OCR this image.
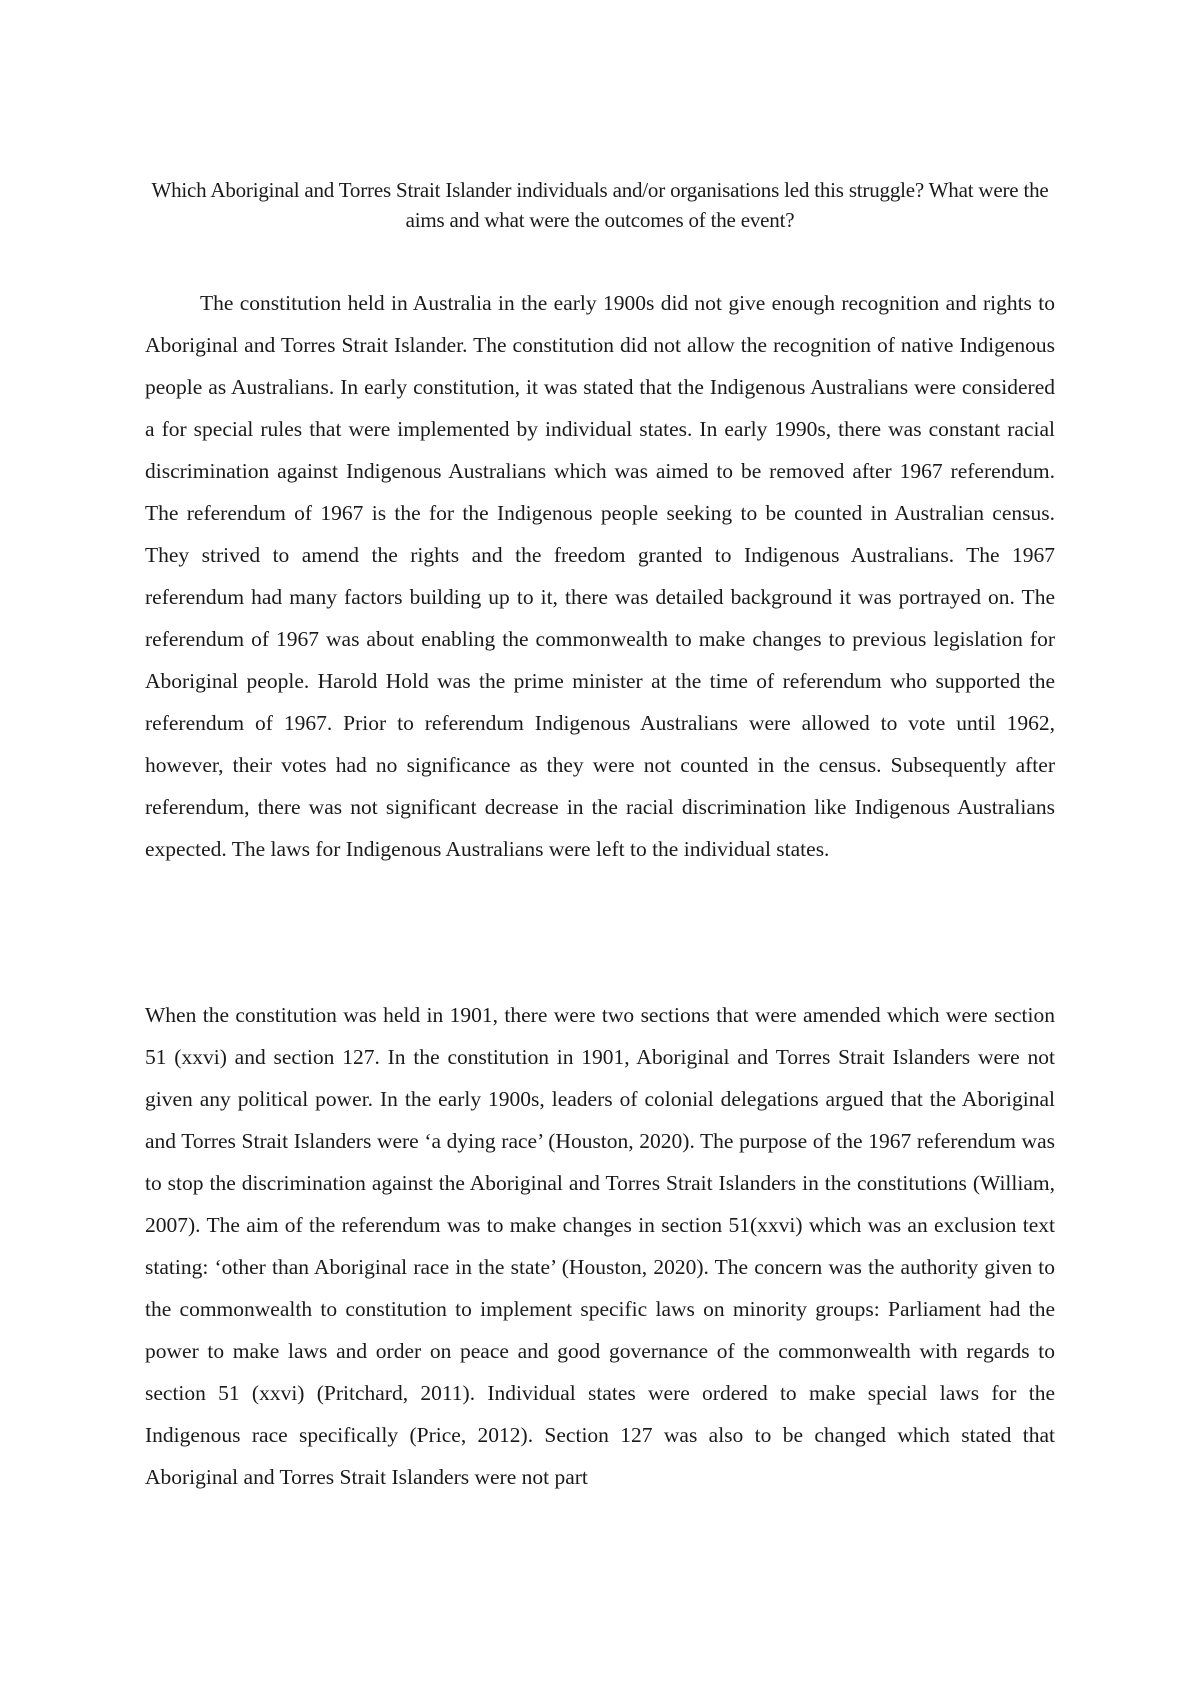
Which Aboriginal and Torres Strait Islander individuals and/or organisations led this struggle? What were the aims and what were the outcomes of the event?

The constitution held in Australia in the early 1900s did not give enough recognition and rights to Aboriginal and Torres Strait Islander. The constitution did not allow the recognition of native Indigenous people as Australians. In early constitution, it was stated that the Indigenous Australians were considered a for special rules that were implemented by individual states. In early 1990s, there was constant racial discrimination against Indigenous Australians which was aimed to be removed after 1967 referendum. The referendum of 1967 is the for the Indigenous people seeking to be counted in Australian census. They strived to amend the rights and the freedom granted to Indigenous Australians. The 1967 referendum had many factors building up to it, there was detailed background it was portrayed on. The referendum of 1967 was about enabling the commonwealth to make changes to previous legislation for Aboriginal people. Harold Hold was the prime minister at the time of referendum who supported the referendum of 1967. Prior to referendum Indigenous Australians were allowed to vote until 1962, however, their votes had no significance as they were not counted in the census. Subsequently after referendum, there was not significant decrease in the racial discrimination like Indigenous Australians expected. The laws for Indigenous Australians were left to the individual states.

When the constitution was held in 1901, there were two sections that were amended which were section 51 (xxvi) and section 127. In the constitution in 1901, Aboriginal and Torres Strait Islanders were not given any political power. In the early 1900s, leaders of colonial delegations argued that the Aboriginal and Torres Strait Islanders were ‘a dying race’ (Houston, 2020). The purpose of the 1967 referendum was to stop the discrimination against the Aboriginal and Torres Strait Islanders in the constitutions (William, 2007). The aim of the referendum was to make changes in section 51(xxvi) which was an exclusion text stating: ‘other than Aboriginal race in the state’ (Houston, 2020). The concern was the authority given to the commonwealth to constitution to implement specific laws on minority groups: Parliament had the power to make laws and order on peace and good governance of the commonwealth with regards to section 51 (xxvi) (Pritchard, 2011). Individual states were ordered to make special laws for the Indigenous race specifically (Price, 2012). Section 127 was also to be changed which stated that Aboriginal and Torres Strait Islanders were not part
